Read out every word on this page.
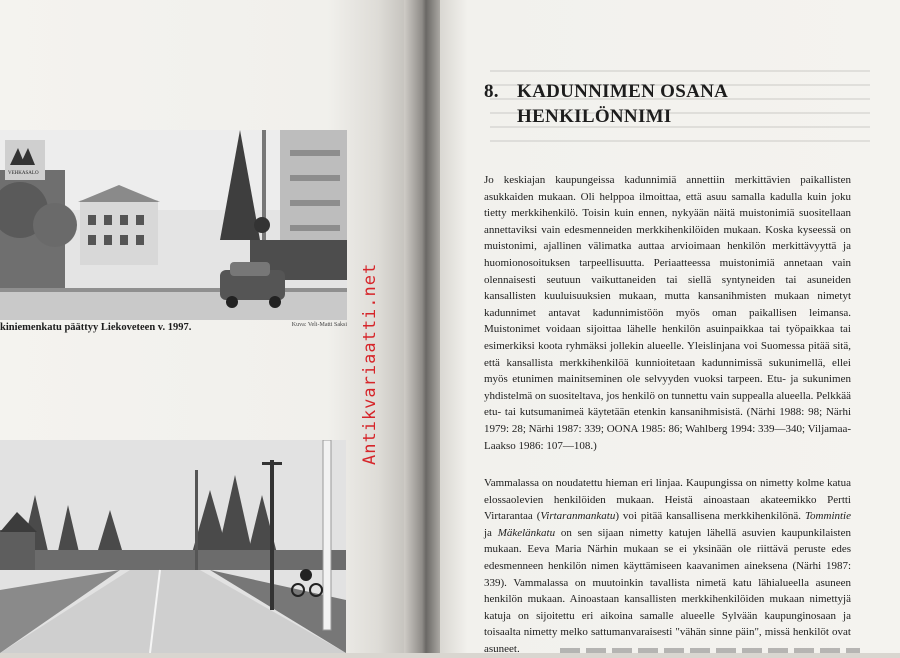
VEHKASALO
kiniemenkatu päättyy Liekoveteen v. 1997.	Kuva: Veli-Matti Saksi Antikvariaatti.net
8. KADUNNIMEN OSANA
HENKILÖNNIMI

Jo keskiajan kaupungeissa kadunnimiä annettiin merkittävien paikallisten asukkaiden mukaan. Oli helppoa ilmoittaa, että asuu samalla kadulla kuin joku tietty merkkihenkilö. Toisin kuin ennen, nykyään näitä muistonimiä suositellaan annettaviksi vain edesmenneiden merkkihenkilöiden mukaan. Koska kyseessä on muistonimi, ajallinen välimatka auttaa arvioimaan henkilön merkittävyyttä ja huomionosoituksen tarpeellisuutta. Periaatteessa muistonimiä annetaan vain olennaisesti seutuun vaikuttaneiden tai siellä syntyneiden tai asuneiden kansallisten kuuluisuuksien mukaan, mutta kansanihmisten mukaan nimetyt kadunnimet antavat kadunnimistöön myös oman paikallisen leimansa. Muistonimet voidaan sijoittaa lähelle henkilön asuinpaikkaa tai työpaikkaa tai esimerkiksi koota ryhmäksi jollekin alueelle. Yleislinjana voi Suomessa pitää sitä, että kansallista merkkihenkilöä kunnioitetaan kadunnimissä sukunimellä, ellei myös etunimen mainitseminen ole selvyyden vuoksi tarpeen. Etu- ja sukunimen yhdistelmä on suositeltava, jos henkilö on tunnettu vain suppealla alueella. Pelkkää etu- tai kutsumanimeä käytetään etenkin kansanihmisistä. (Närhi 1988: 98; Närhi 1979: 28; Närhi 1987: 339; OONA 1985: 86; Wahlberg 1994: 339—340; Viljamaa-Laakso 1986: 107—108.)

Vammalassa on noudatettu hieman eri linjaa. Kaupungissa on nimetty kolme katua elossaolevien henkilöiden mukaan. Heistä ainoastaan akateemikko Pertti Virtarantaa (Virtaranmankatu) voi pitää kansallisena merkkihenkilönä. Tommintie ja Mäkelänkatu on sen sijaan nimetty katujen lähellä asuvien kaupunkilaisten mukaan. Eeva Maria Närhin mukaan se ei yksinään ole riittävä peruste edes edesmenneen henkilön nimen käyttämiseen kaavanimen aineksena (Närhi 1987: 339). Vammalassa on muutoinkin tavallista nimetä katu lähialueella asuneen henkilön mukaan. Ainoastaan kansallisten merkkihenkilöiden mukaan nimettyjä katuja on sijoitettu eri aikoina samalle alueelle Sylvään kaupunginosaan ja toisaalta nimetty melko sattumanvaraisesti "vähän sinne päin", missä henkilöt ovat asuneet.
